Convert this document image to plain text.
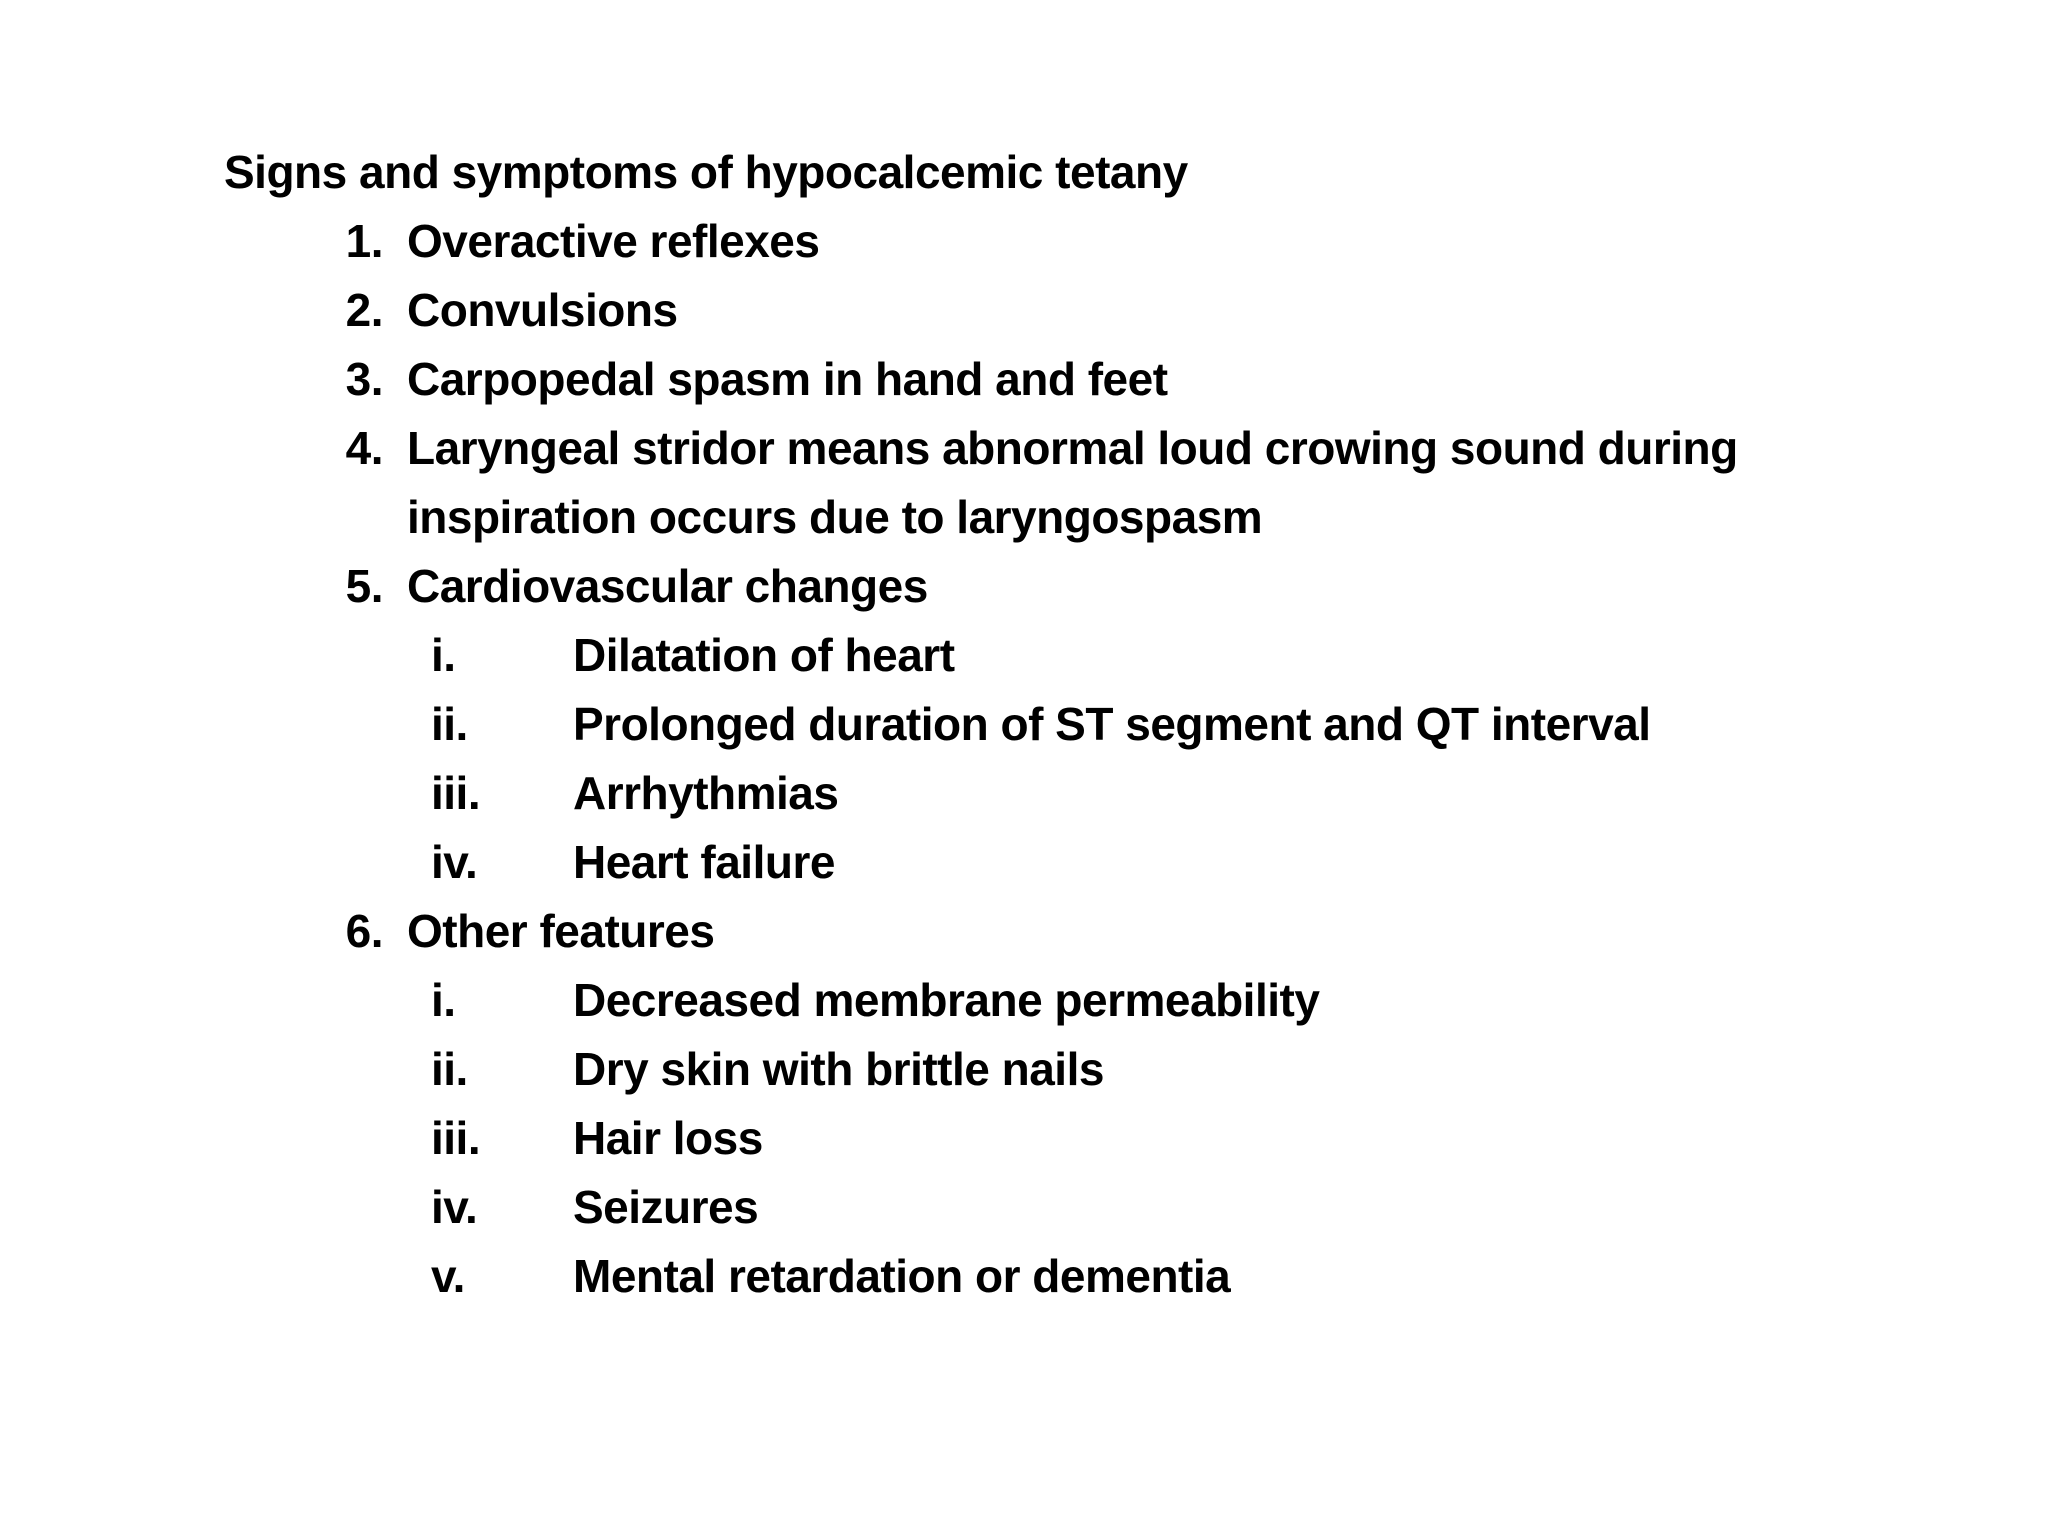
Signs and symptoms of hypocalcemic tetany
1. Overactive reflexes
2. Convulsions
3. Carpopedal spasm in hand and feet
4. Laryngeal stridor means abnormal loud crowing sound during inspiration occurs due to laryngospasm
5. Cardiovascular changes
i.	Dilatation of heart
ii.	Prolonged duration of ST segment and QT interval
iii.	Arrhythmias
iv.	Heart failure
6. Other features
i.	Decreased membrane permeability
ii.	Dry skin with brittle nails
iii.	Hair loss
iv.	Seizures
v.	Mental retardation or dementia
